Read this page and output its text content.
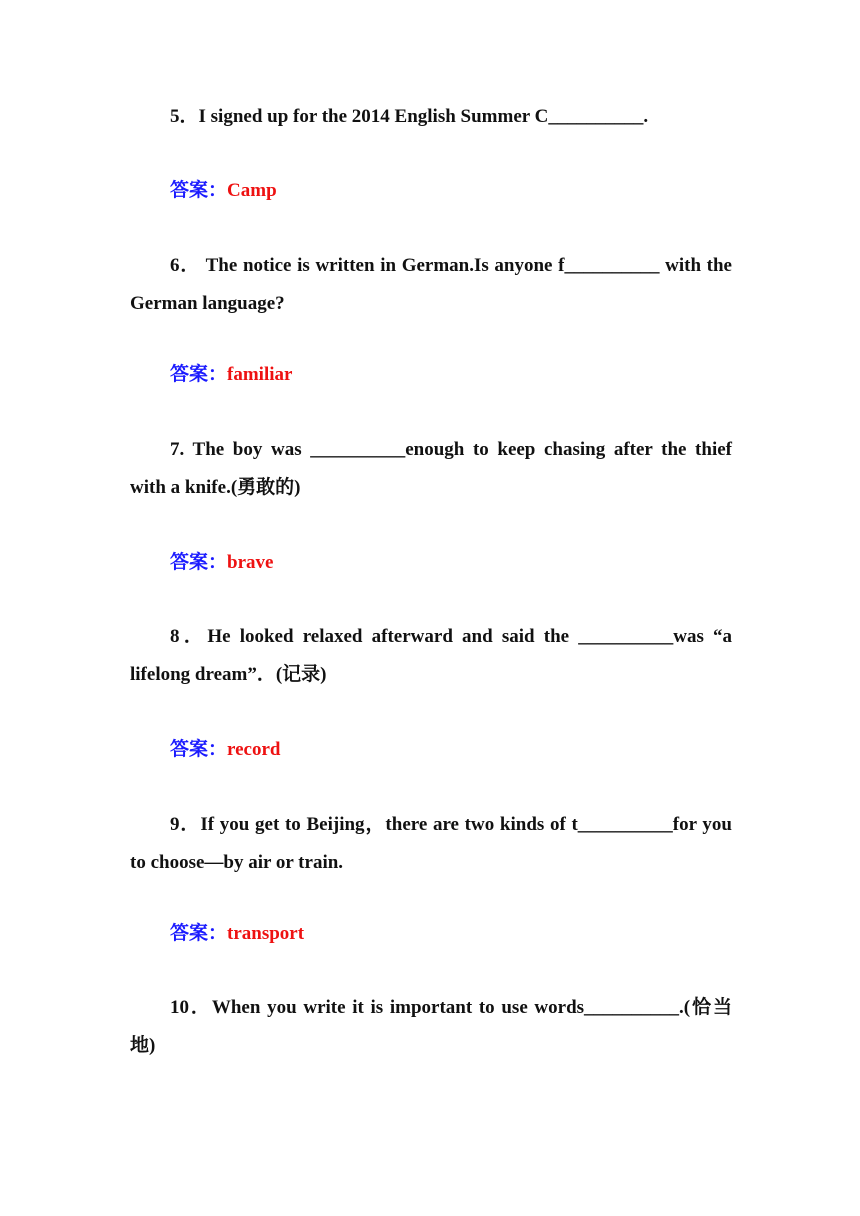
5．I signed up for the 2014 English Summer C__________.
答案：Camp
6． The notice is written in German.Is anyone f__________ with the German language?
答案：familiar
7. The boy was __________enough to keep chasing after the thief with a knife.(勇敢的)
答案：brave
8．He looked relaxed afterward and said the __________was “a lifelong dream”．(记录)
答案：record
9．If you get to Beijing，there are two kinds of t__________for you to choose—by air or train.
答案：transport
10．When you write it is important to use words__________.(恰当地)
